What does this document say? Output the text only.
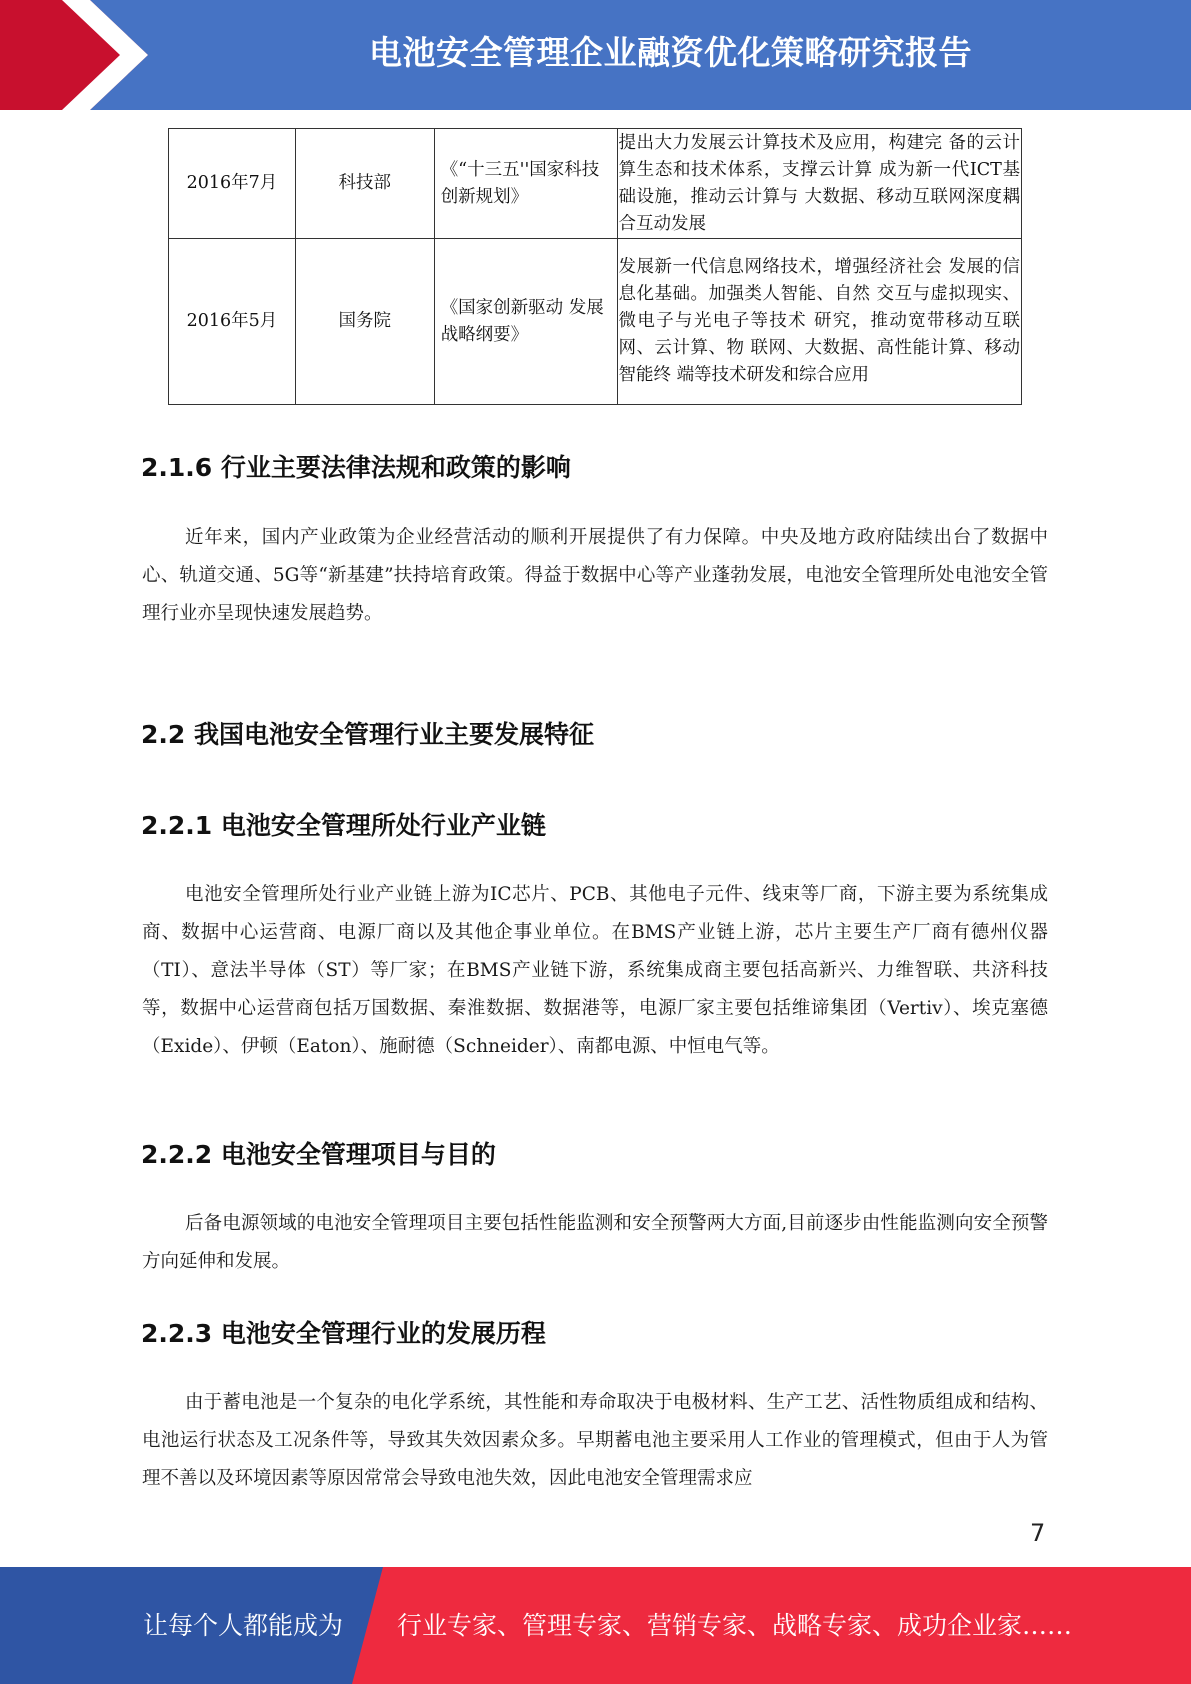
电池安全管理企业融资优化策略研究报告
2016年7月	科技部	《“十三五''国家科技创新规划》	提出大力发展云计算技术及应用，构建完 备的云计算生态和技术体系，支撑云计算 成为新一代ICT基础设施，推动云计算与 大数据、移动互联网深度耦合互动发展
2016年5月	国务院	《国家创新驱动 发展战略纲要》	发展新一代信息网络技术，增强经济社会 发展的信息化基础。加强类人智能、自然 交互与虚拟现实、微电子与光电子等技术 研究，推动宽带移动互联网、云计算、物 联网、大数据、高性能计算、移动智能终 端等技术研发和综合应用
2.1.6 行业主要法律法规和政策的影响
近年来，国内产业政策为企业经营活动的顺利开展提供了有力保障。中央及地方政府陆续出台了数据中心、轨道交通、5G等“新基建”扶持培育政策。得益于数据中心等产业蓬勃发展，电池安全管理所处电池安全管理行业亦呈现快速发展趋势。
2.2 我国电池安全管理行业主要发展特征
2.2.1 电池安全管理所处行业产业链
电池安全管理所处行业产业链上游为IC芯片、PCB、其他电子元件、线束等厂商，下游主要为系统集成商、数据中心运营商、电源厂商以及其他企事业单位。在BMS产业链上游，芯片主要生产厂商有德州仪器（TI）、意法半导体（ST）等厂家；在BMS产业链下游，系统集成商主要包括高新兴、力维智联、共济科技等，数据中心运营商包括万国数据、秦淮数据、数据港等，电源厂家主要包括维谛集团（Vertiv）、埃克塞德（Exide）、伊顿（Eaton）、施耐德（Schneider）、南都电源、中恒电气等。
2.2.2 电池安全管理项目与目的
后备电源领域的电池安全管理项目主要包括性能监测和安全预警两大方面,目前逐步由性能监测向安全预警方向延伸和发展。
2.2.3 电池安全管理行业的发展历程
由于蓄电池是一个复杂的电化学系统，其性能和寿命取决于电极材料、生产工艺、活性物质组成和结构、电池运行状态及工况条件等，导致其失效因素众多。早期蓄电池主要采用人工作业的管理模式，但由于人为管理不善以及环境因素等原因常常会导致电池失效，因此电池安全管理需求应
7
让每个人都能成为 行业专家、管理专家、营销专家、战略专家、成功企业家……
